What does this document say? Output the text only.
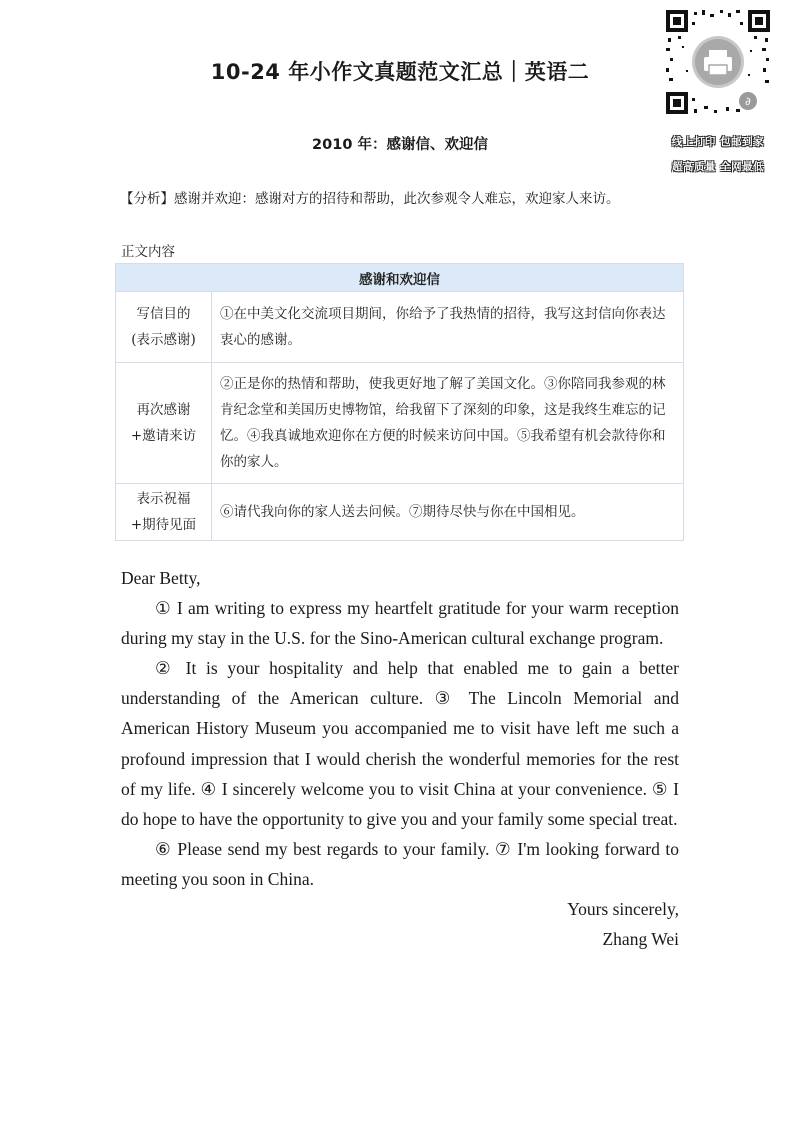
10-24 年小作文真题范文汇总｜英语二
∂
线上打印 包邮到家
超高质量 全网最低
2010 年：感谢信、欢迎信
【分析】感谢并欢迎：感谢对方的招待和帮助，此次参观令人难忘，欢迎家人来访。
正文内容
感谢和欢迎信	

写信目的
(表示感谢)	①在中美文化交流项目期间，你给予了我热情的招待，我写这封信向你表达衷心的感谢。

再次感谢
+邀请来访	②正是你的热情和帮助，使我更好地了解了美国文化。③你陪同我参观的林肯纪念堂和美国历史博物馆，给我留下了深刻的印象，这是我终生难忘的记忆。④我真诚地欢迎你在方便的时候来访问中国。⑤我希望有机会款待你和你的家人。

表示祝福
+期待见面	⑥请代我向你的家人送去问候。⑦期待尽快与你在中国相见。

Dear Betty,

① I am writing to express my heartfelt gratitude for your warm reception during my stay in the U.S. for the Sino-American cultural exchange program.

② It is your hospitality and help that enabled me to gain a better understanding of the American culture. ③ The Lincoln Memorial and American History Museum you accompanied me to visit have left me such a profound impression that I would cherish the wonderful memories for the rest of my life. ④ I sincerely welcome you to visit China at your convenience. ⑤ I do hope to have the opportunity to give you and your family some special treat.

⑥ Please send my best regards to your family. ⑦ I'm looking forward to meeting you soon in China.

Yours sincerely,

Zhang Wei
